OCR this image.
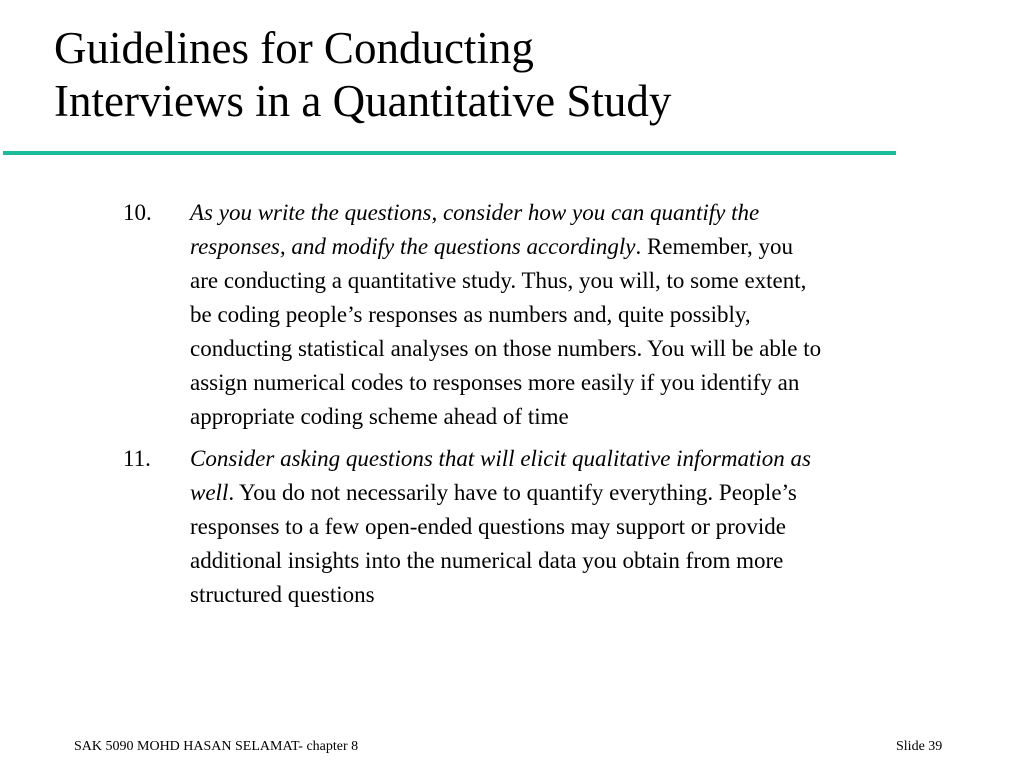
Guidelines for Conducting
Interviews in a Quantitative Study
10. As you write the questions, consider how you can quantify the
responses, and modify the questions accordingly. Remember, you
are conducting a quantitative study. Thus, you will, to some extent,
be coding people’s responses as numbers and, quite possibly,
conducting statistical analyses on those numbers. You will be able to
assign numerical codes to responses more easily if you identify an
appropriate coding scheme ahead of time
11. Consider asking questions that will elicit qualitative information as
well. You do not necessarily have to quantify everything. People’s
responses to a few open-ended questions may support or provide
additional insights into the numerical data you obtain from more
structured questions
SAK 5090 MOHD HASAN SELAMAT- chapter 8	Slide 39
